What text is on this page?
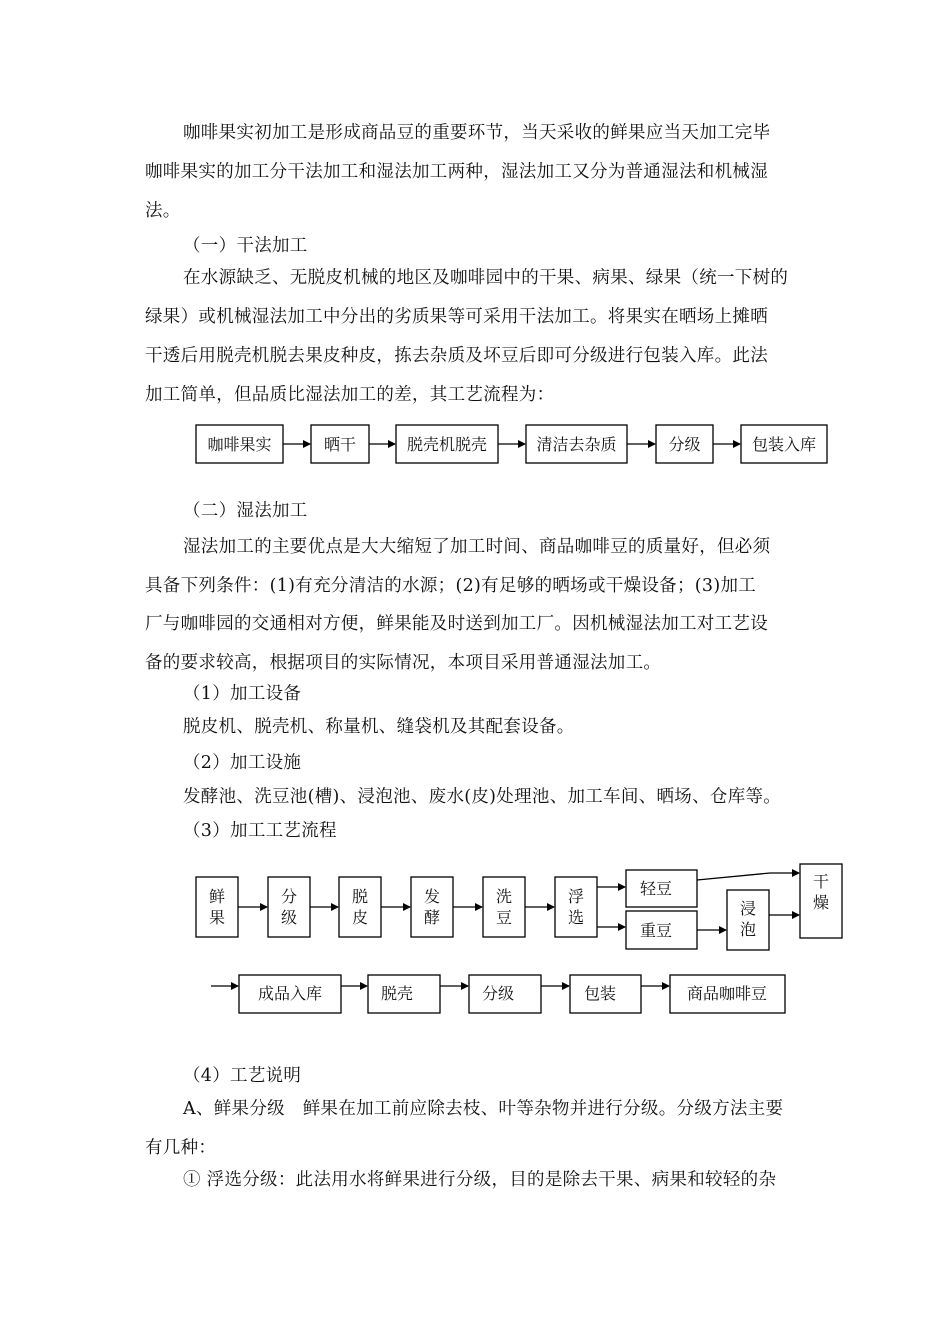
咖啡果实初加工是形成商品豆的重要环节，当天采收的鲜果应当天加工完毕
咖啡果实的加工分干法加工和湿法加工两种，湿法加工又分为普通湿法和机械湿
法。
（一）干法加工
在水源缺乏、无脱皮机械的地区及咖啡园中的干果、病果、绿果（统一下树的
绿果）或机械湿法加工中分出的劣质果等可采用干法加工。将果实在晒场上摊晒
干透后用脱壳机脱去果皮种皮，拣去杂质及坏豆后即可分级进行包装入库。此法
加工简单，但品质比湿法加工的差，其工艺流程为：
咖啡果实	晒干	脱壳机脱壳	清洁去杂质	分级	包装入库
（二）湿法加工
湿法加工的主要优点是大大缩短了加工时间、商品咖啡豆的质量好，但必须
具备下列条件：(1)有充分清洁的水源；(2)有足够的晒场或干燥设备；(3)加工
厂与咖啡园的交通相对方便，鲜果能及时送到加工厂。因机械湿法加工对工艺设
备的要求较高，根据项目的实际情况，本项目采用普通湿法加工。
（1）加工设备
脱皮机、脱壳机、称量机、缝袋机及其配套设备。
（2）加工设施
发酵池、洗豆池(槽)、浸泡池、废水(皮)处理池、加工车间、晒场、仓库等。
（3）加工工艺流程
鲜
果
分
级
脱
皮
发
酵
洗
豆
浮
选
轻豆
重豆
浸
泡
干
燥
成品入库	脱壳	分级	包装	商品咖啡豆
（4）工艺说明
A、鲜果分级　鲜果在加工前应除去枝、叶等杂物并进行分级。分级方法主要
有几种：
① 浮选分级：此法用水将鲜果进行分级，目的是除去干果、病果和较轻的杂
